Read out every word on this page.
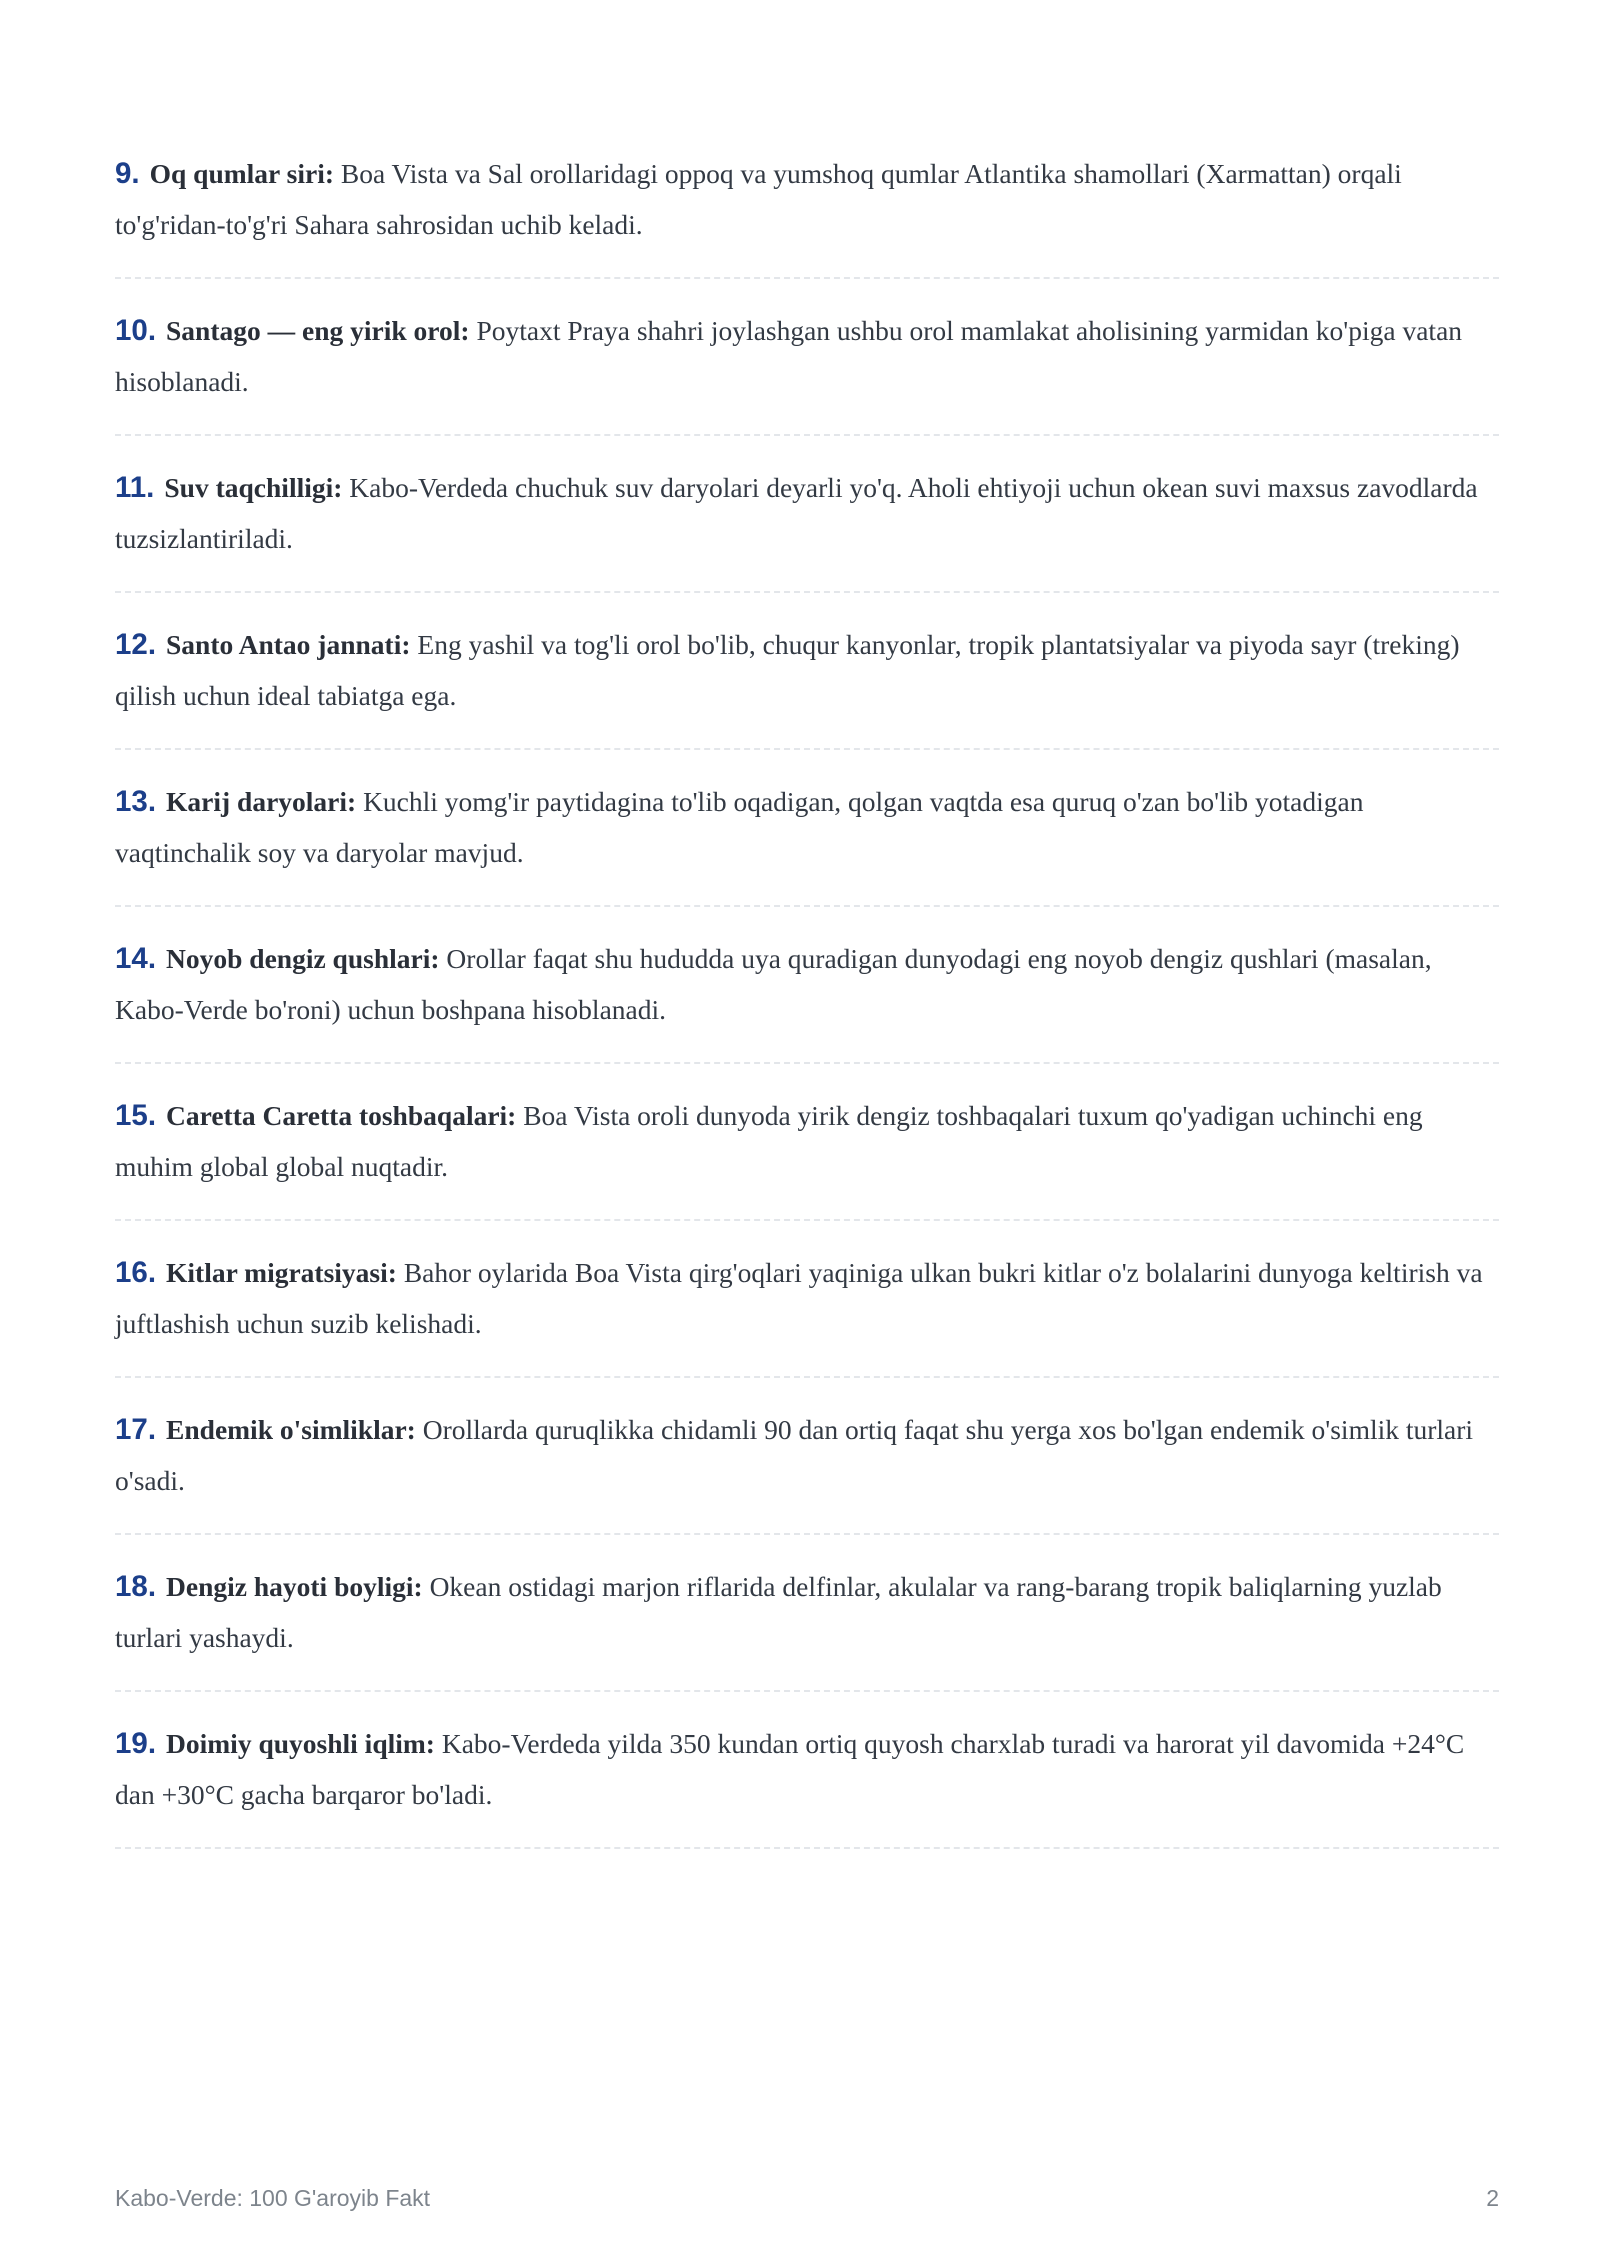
9. Oq qumlar siri: Boa Vista va Sal orollaridagi oppoq va yumshoq qumlar Atlantika shamollari (Xarmattan) orqali to'g'ridan-to'g'ri Sahara sahrosidan uchib keladi.

10. Santago — eng yirik orol: Poytaxt Praya shahri joylashgan ushbu orol mamlakat aholisining yarmidan ko'piga vatan hisoblanadi.

11. Suv taqchilligi: Kabo-Verdeda chuchuk suv daryolari deyarli yo'q. Aholi ehtiyoji uchun okean suvi maxsus zavodlarda tuzsizlantiriladi.

12. Santo Antao jannati: Eng yashil va tog'li orol bo'lib, chuqur kanyonlar, tropik plantatsiyalar va piyoda sayr (treking) qilish uchun ideal tabiatga ega.

13. Karij daryolari: Kuchli yomg'ir paytidagina to'lib oqadigan, qolgan vaqtda esa quruq o'zan bo'lib yotadigan vaqtinchalik soy va daryolar mavjud.

14. Noyob dengiz qushlari: Orollar faqat shu hududda uya quradigan dunyodagi eng noyob dengiz qushlari (masalan, Kabo-Verde bo'roni) uchun boshpana hisoblanadi.

15. Caretta Caretta toshbaqalari: Boa Vista oroli dunyoda yirik dengiz toshbaqalari tuxum qo'yadigan uchinchi eng muhim global global nuqtadir.

16. Kitlar migratsiyasi: Bahor oylarida Boa Vista qirg'oqlari yaqiniga ulkan bukri kitlar o'z bolalarini dunyoga keltirish va juftlashish uchun suzib kelishadi.

17. Endemik o'simliklar: Orollarda quruqlikka chidamli 90 dan ortiq faqat shu yerga xos bo'lgan endemik o'simlik turlari o'sadi.

18. Dengiz hayoti boyligi: Okean ostidagi marjon riflarida delfinlar, akulalar va rang-barang tropik baliqlarning yuzlab turlari yashaydi.

19. Doimiy quyoshli iqlim: Kabo-Verdeda yilda 350 kundan ortiq quyosh charxlab turadi va harorat yil davomida +24°C dan +30°C gacha barqaror bo'ladi.

Kabo-Verde: 100 G'aroyib Fakt	2
